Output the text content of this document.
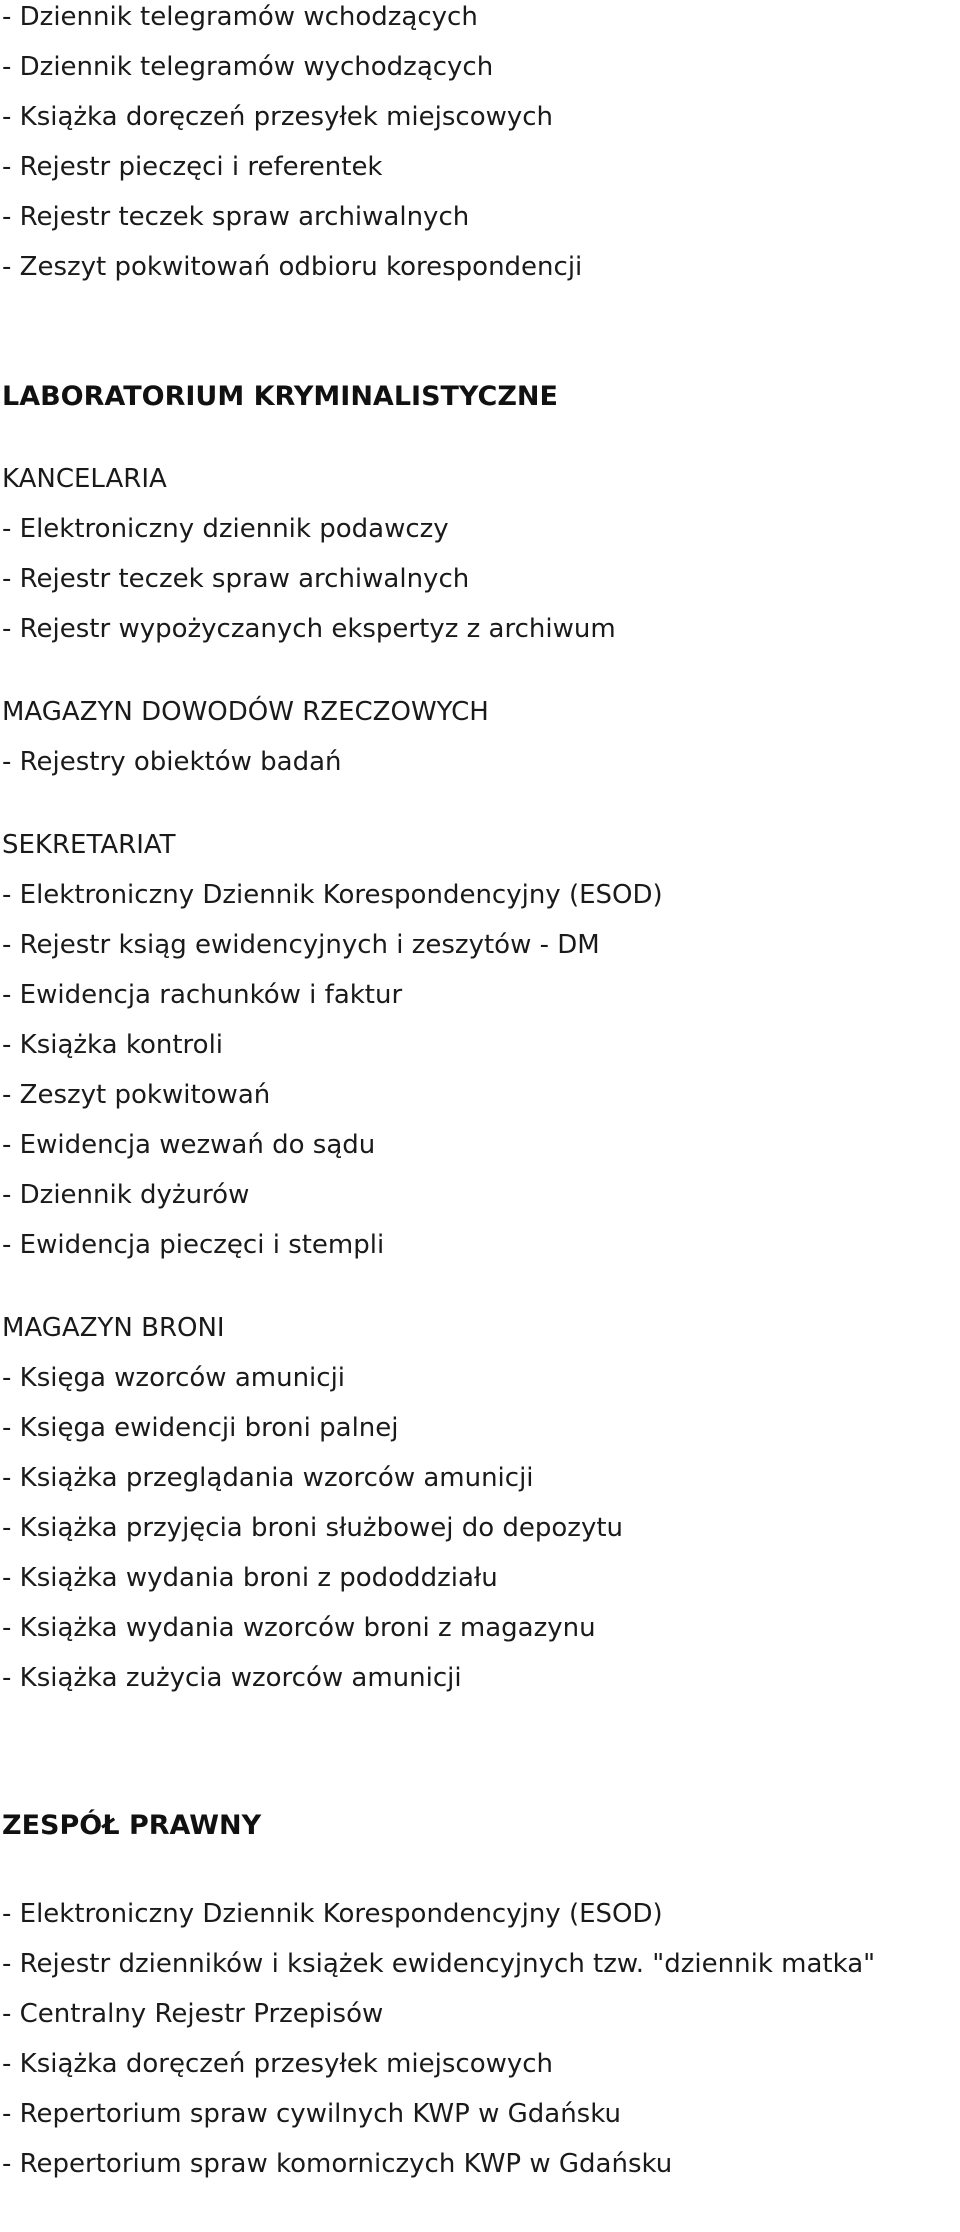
- Dziennik telegramów wchodzących
- Dziennik telegramów wychodzących
- Książka doręczeń przesyłek miejscowych
- Rejestr pieczęci i referentek
- Rejestr teczek spraw archiwalnych
- Zeszyt pokwitowań odbioru korespondencji
LABORATORIUM KRYMINALISTYCZNE
KANCELARIA
- Elektroniczny dziennik podawczy
- Rejestr teczek spraw archiwalnych
- Rejestr wypożyczanych ekspertyz z archiwum
MAGAZYN DOWODÓW RZECZOWYCH
- Rejestry obiektów badań
SEKRETARIAT
- Elektroniczny Dziennik Korespondencyjny (ESOD)
- Rejestr ksiąg ewidencyjnych i zeszytów - DM
- Ewidencja rachunków i faktur
- Książka kontroli
- Zeszyt pokwitowań
- Ewidencja wezwań do sądu
- Dziennik dyżurów
- Ewidencja pieczęci i stempli
MAGAZYN BRONI
- Księga wzorców amunicji
- Księga ewidencji broni palnej
- Książka przeglądania wzorców amunicji
- Książka przyjęcia broni służbowej do depozytu
- Książka wydania broni z pododdziału
- Książka wydania wzorców broni z magazynu
- Książka zużycia wzorców amunicji
ZESPÓŁ PRAWNY
- Elektroniczny Dziennik Korespondencyjny (ESOD)
- Rejestr dzienników i książek ewidencyjnych tzw. "dziennik matka"
- Centralny Rejestr Przepisów
- Książka doręczeń przesyłek miejscowych
- Repertorium spraw cywilnych KWP w Gdańsku
- Repertorium spraw komorniczych KWP w Gdańsku
